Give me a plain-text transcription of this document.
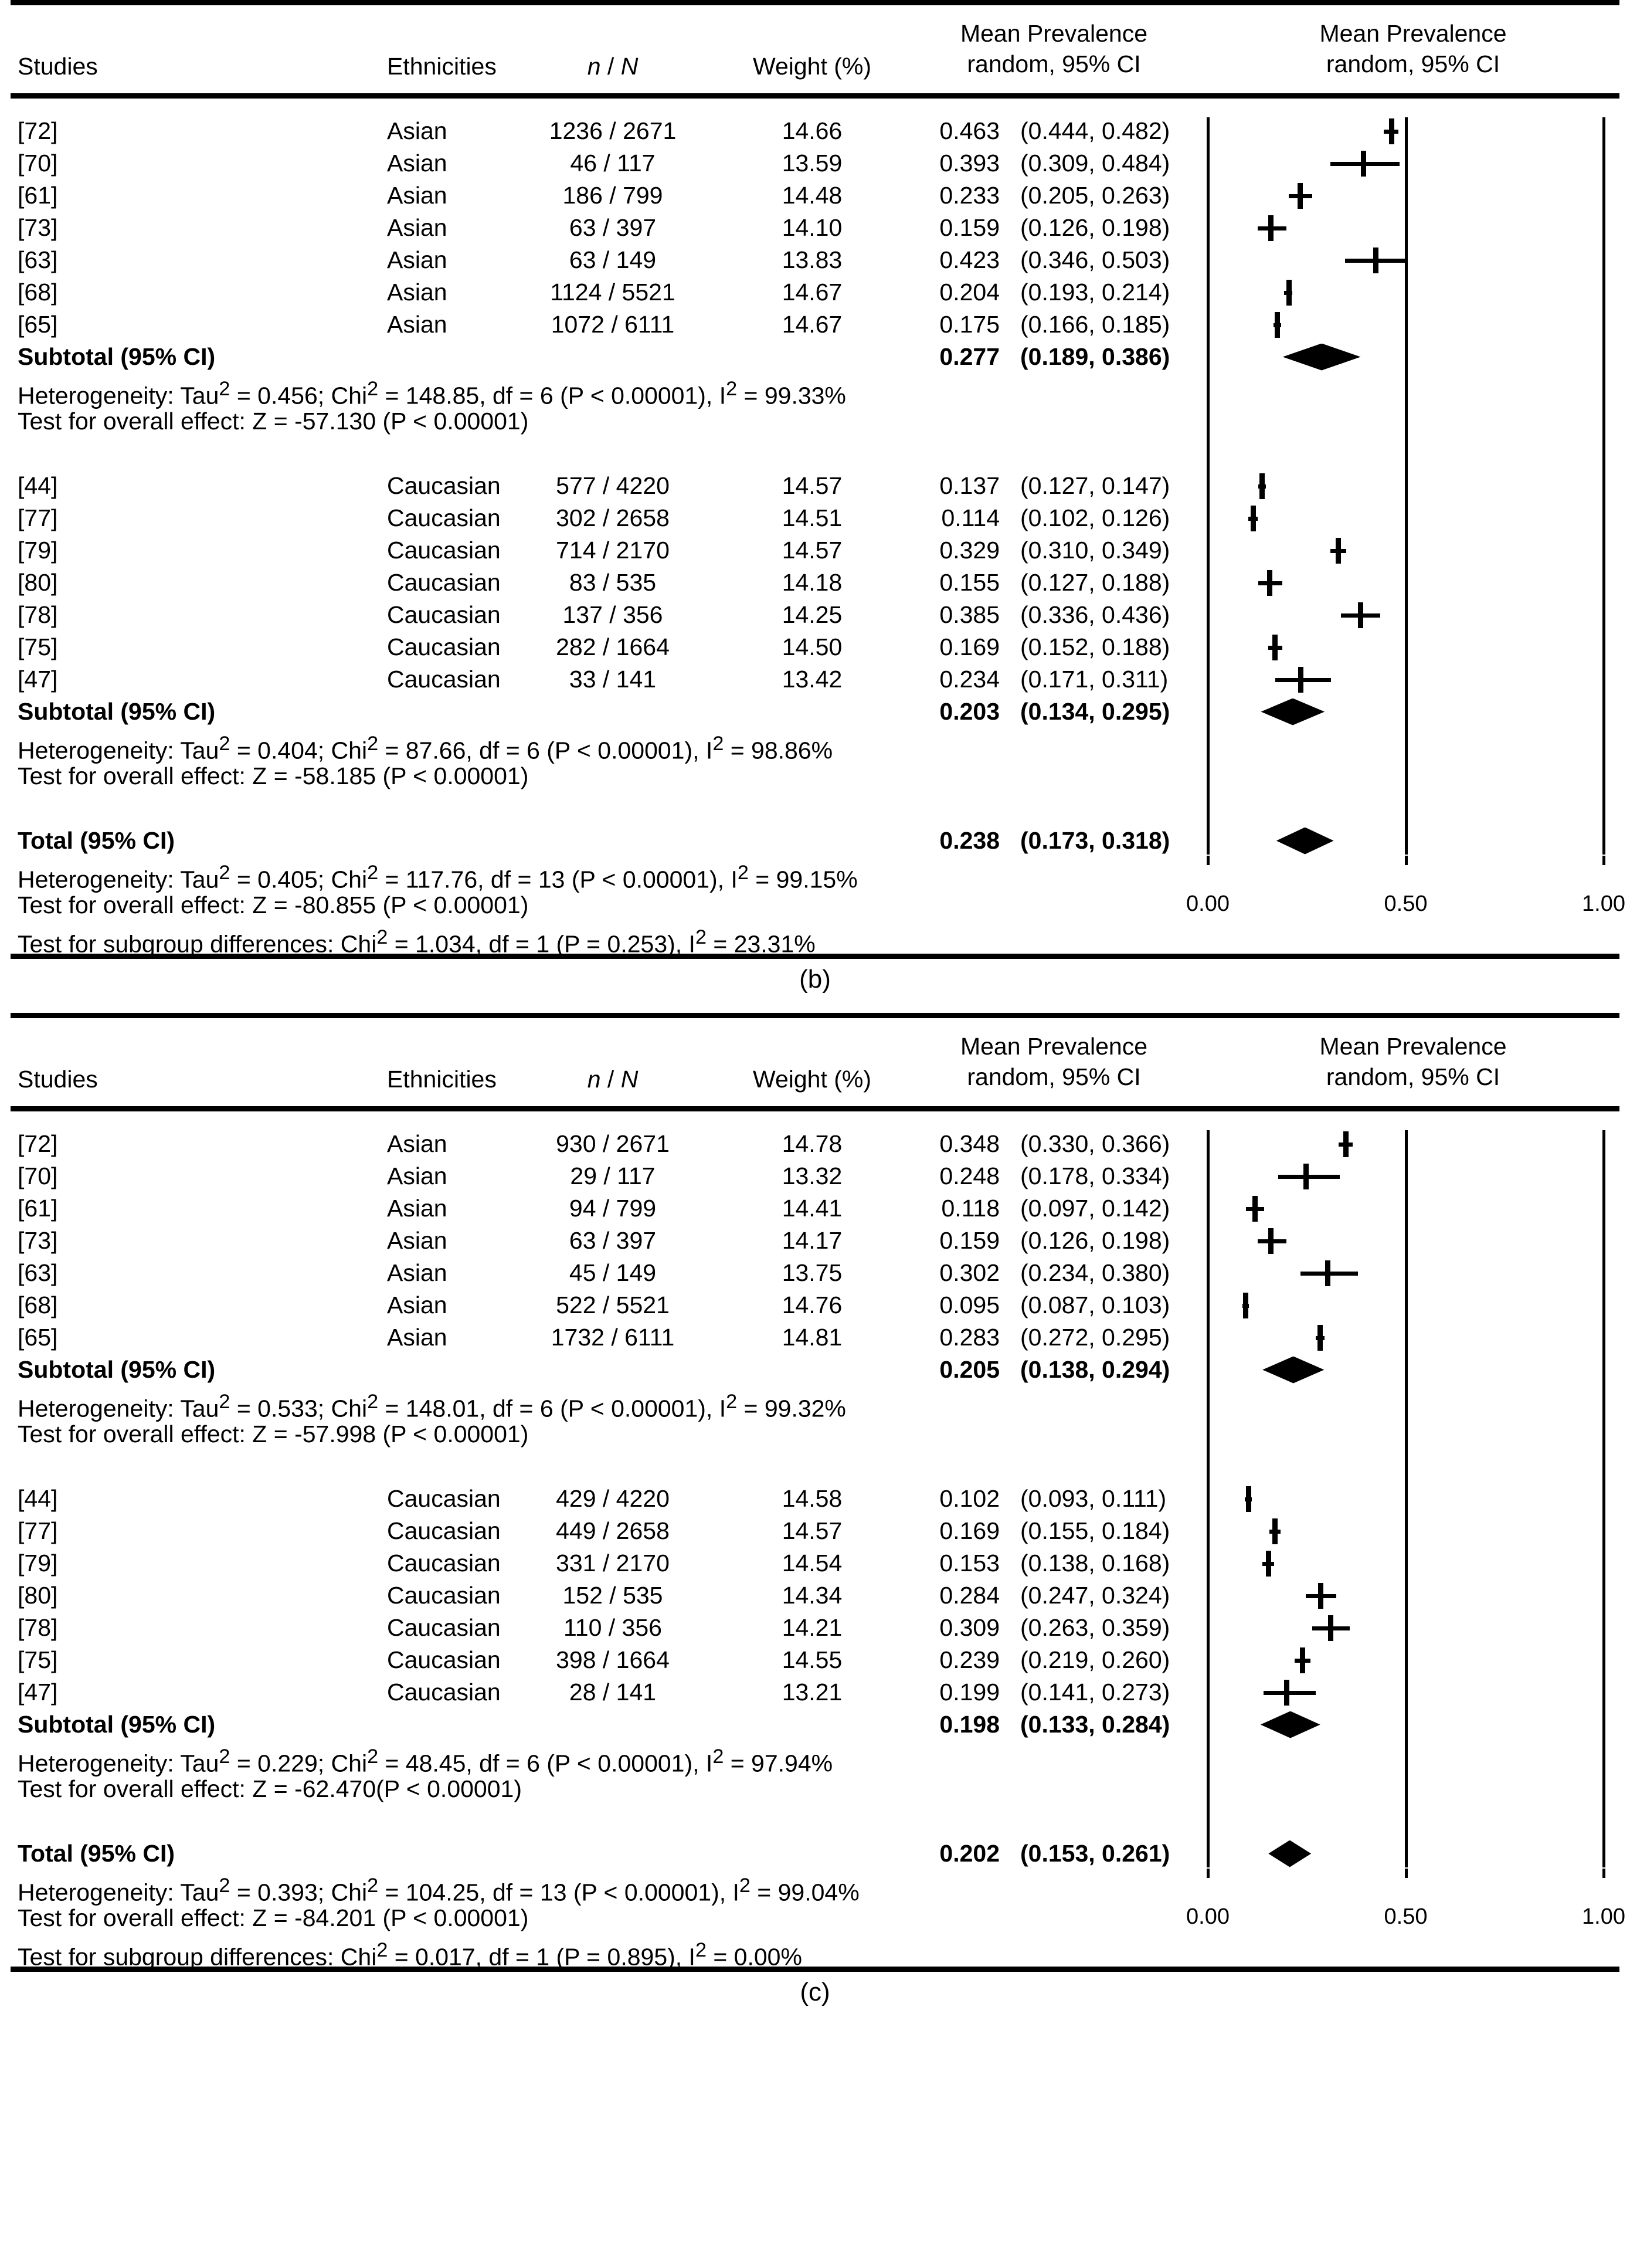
Studies	Ethnicities	n / N	Weight (%)
Mean Prevalence
random, 95% CI
Mean Prevalence
random, 95% CI
[72]	Asian	1236 / 2671	14.66	0.463 (0.444, 0.482)
[70]	Asian	46 / 117	13.59	0.393 (0.309, 0.484)
[61]	Asian	186 / 799	14.48	0.233 (0.205, 0.263)
[73]	Asian	63 / 397	14.10	0.159 (0.126, 0.198)
[63]	Asian	63 / 149	13.83	0.423 (0.346, 0.503)
[68]	Asian	1124 / 5521	14.67	0.204 (0.193, 0.214)
[65]	Asian	1072 / 6111	14.67	0.175 (0.166, 0.185)
Subtotal (95% CI)	0.277 (0.189, 0.386)
Heterogeneity: Tau$^2$ = 0.456; Chi$^2$ = 148.85, df = 6 (P < 0.00001), $I^2 = 99.33\%$
Test for overall effect: Z = -57.130 (P < 0.00001)
[44]	Caucasian	577 / 4220	14.57	0.137 (0.127, 0.147)
[77]	Caucasian	302 / 2658	14.51	0.114 (0.102, 0.126)
[79]	Caucasian	714 / 2170	14.57	0.329 (0.310, 0.349)
[80]	Caucasian	83 / 535	14.18	0.155 (0.127, 0.188)
[78]	Caucasian	137 / 356	14.25	0.385 (0.336, 0.436)
[75]	Caucasian	282 / 1664	14.50	0.169 (0.152, 0.188)
[47]	Caucasian	33 / 141	13.42	0.234 (0.171, 0.311)
Subtotal (95% CI)	0.203 (0.134, 0.295)
Heterogeneity: Tau$^2$ = 0.404; Chi$^2$ = 87.66, df = 6 (P < 0.00001), $I^2 = 98.86\%$
Test for overall effect: Z = -58.185 (P < 0.00001)
Total (95% CI)	0.238 (0.173, 0.318)
Heterogeneity: Tau$^2$ = 0.405; Chi$^2$ = 117.76, df = 13 (P < 0.00001), $I^2 = 99.15\%$
Test for overall effect: Z = -80.855 (P < 0.00001)
Test for subgroup differences: Chi$^2$ = 1.034, df = 1 (P = 0.253), $I^2 = 23.31\%$
0.00	0.50	1.00
(b)
Studies	Ethnicities	n / N	Weight (%)
Mean Prevalence
random, 95% CI
Mean Prevalence
random, 95% CI
[72]	Asian	930 / 2671	14.78	0.348 (0.330, 0.366)
[70]	Asian	29 / 117	13.32	0.248 (0.178, 0.334)
[61]	Asian	94 / 799	14.41	0.118 (0.097, 0.142)
[73]	Asian	63 / 397	14.17	0.159 (0.126, 0.198)
[63]	Asian	45 / 149	13.75	0.302 (0.234, 0.380)
[68]	Asian	522 / 5521	14.76	0.095 (0.087, 0.103)
[65]	Asian	1732 / 6111	14.81	0.283 (0.272, 0.295)
Subtotal (95% CI)	0.205 (0.138, 0.294)
Heterogeneity: Tau$^2$ = 0.533; Chi$^2$ = 148.01, df = 6 (P < 0.00001), $I^2 = 99.32\%$
Test for overall effect: Z = -57.998 (P < 0.00001)
[44]	Caucasian	429 / 4220	14.58	0.102 (0.093, 0.111)
[77]	Caucasian	449 / 2658	14.57	0.169 (0.155, 0.184)
[79]	Caucasian	331 / 2170	14.54	0.153 (0.138, 0.168)
[80]	Caucasian	152 / 535	14.34	0.284 (0.247, 0.324)
[78]	Caucasian	110 / 356	14.21	0.309 (0.263, 0.359)
[75]	Caucasian	398 / 1664	14.55	0.239 (0.219, 0.260)
[47]	Caucasian	28 / 141	13.21	0.199 (0.141, 0.273)
Subtotal (95% CI)	0.198 (0.133, 0.284)
Heterogeneity: Tau$^2$ = 0.229; Chi$^2$ = 48.45, df = 6 (P < 0.00001), $I^2 = 97.94\%$
Test for overall effect: Z = -62.470(P < 0.00001)
Total (95% CI)	0.202 (0.153, 0.261)
Heterogeneity: Tau$^2$ = 0.393; Chi$^2$ = 104.25, df = 13 (P < 0.00001), $I^2 = 99.04\%$
Test for overall effect: Z = -84.201 (P < 0.00001)
Test for subgroup differences: Chi$^2$ = 0.017, df = 1 (P = 0.895), $I^2 = 0.00\%$
0.00	0.50	1.00
(c)
